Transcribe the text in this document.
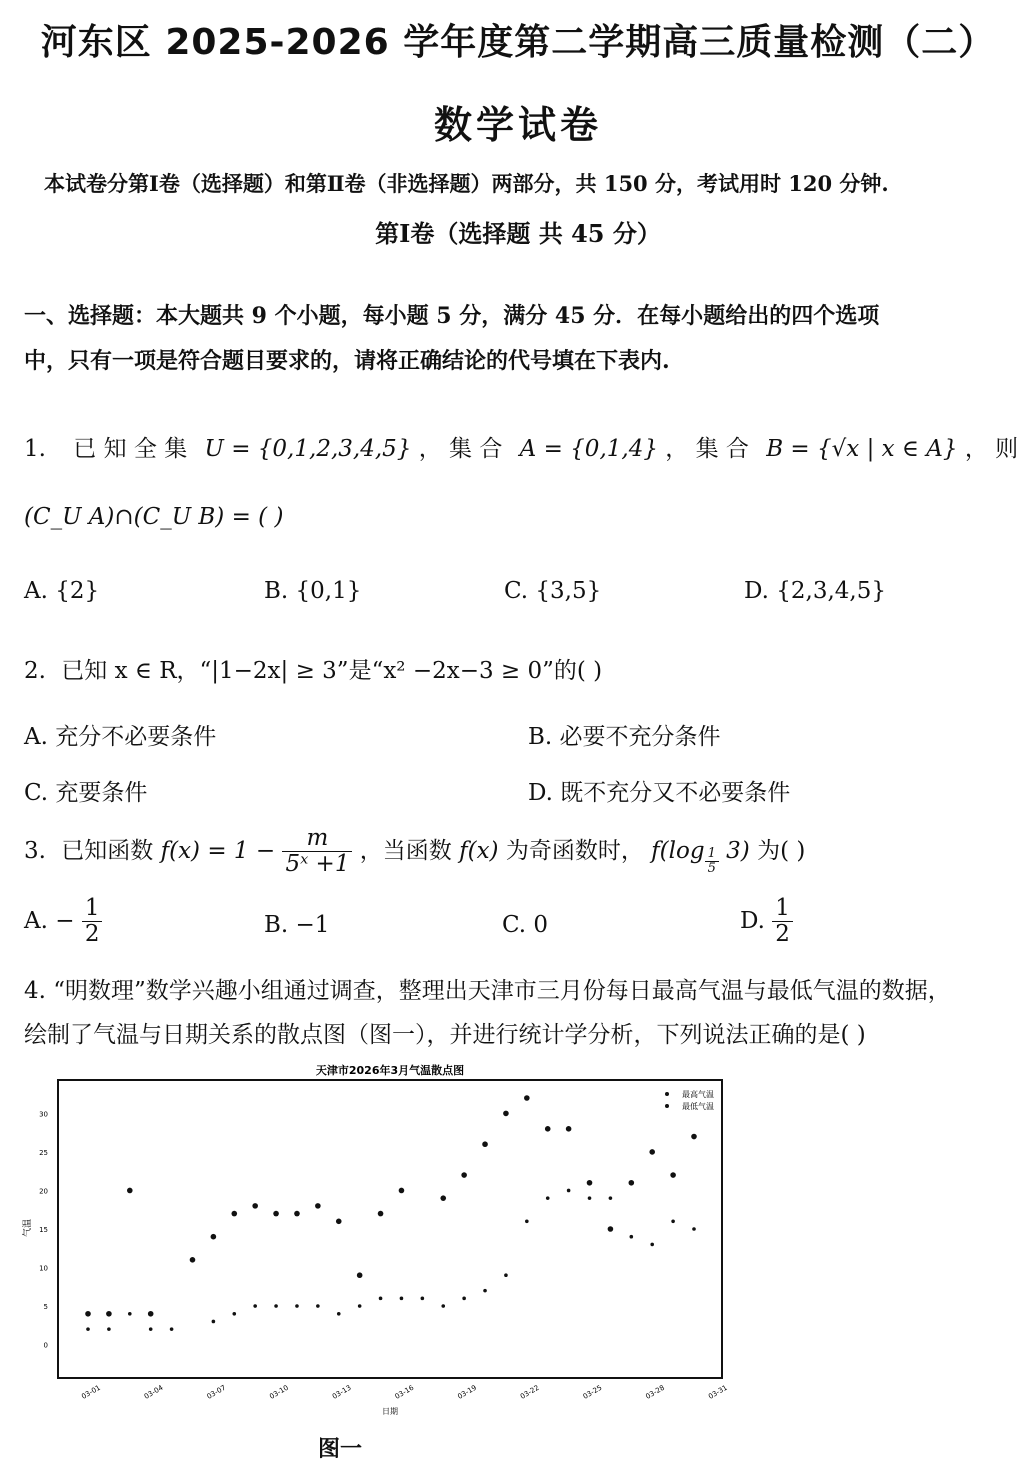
河东区 2025-2026 学年度第二学期高三质量检测（二）
数学试卷
本试卷分第Ⅰ卷（选择题）和第Ⅱ卷（非选择题）两部分，共 150 分，考试用时 120 分钟.
第Ⅰ卷（选择题 共 45 分）
一、选择题：本大题共 9 个小题，每小题 5 分，满分 45 分．在每小题给出的四个选项
中，只有一项是符合题目要求的，请将正确结论的代号填在下表内.
1. 已 知 全 集 U = {0,1,2,3,4,5} ， 集 合 A = {0,1,4} ， 集 合 B = {√x | x ∈ A} ， 则
(C_U A)∩(C_U B) = ( )
A. {2}	B. {0,1}	C. {3,5}	D. {2,3,4,5}
2. 已知 x ∈ R，“|1−2x| ≥ 3”是“x² −2x−3 ≥ 0”的( )
A. 充分不必要条件	B. 必要不充分条件
C. 充要条件	D. 既不充分又不必要条件
3. 已知函数 $f(x) = 1 - \frac{m}{\text{5ˣ +1}}$ ，当函数 f(x) 为奇函数时， $f(\log \frac{1}{5} 3)$ 为( )
A. − $\frac{1}{2}$	B. −1	C. 0	D. $\frac{1}{2}$
4. “明数理”数学兴趣小组通过调查，整理出天津市三月份每日最高气温与最低气温的数据，
绘制了气温与日期关系的散点图（图一），并进行统计学分析，下列说法正确的是( )
天津市2026年3月气温散点图
最高气温
最低气温
气温
日期
0
5
10
15
20
25
30
03-01	03-04	03-07	03-10	03-13	03-16	03-19	03-22	03-25	03-28	03-31
图一
